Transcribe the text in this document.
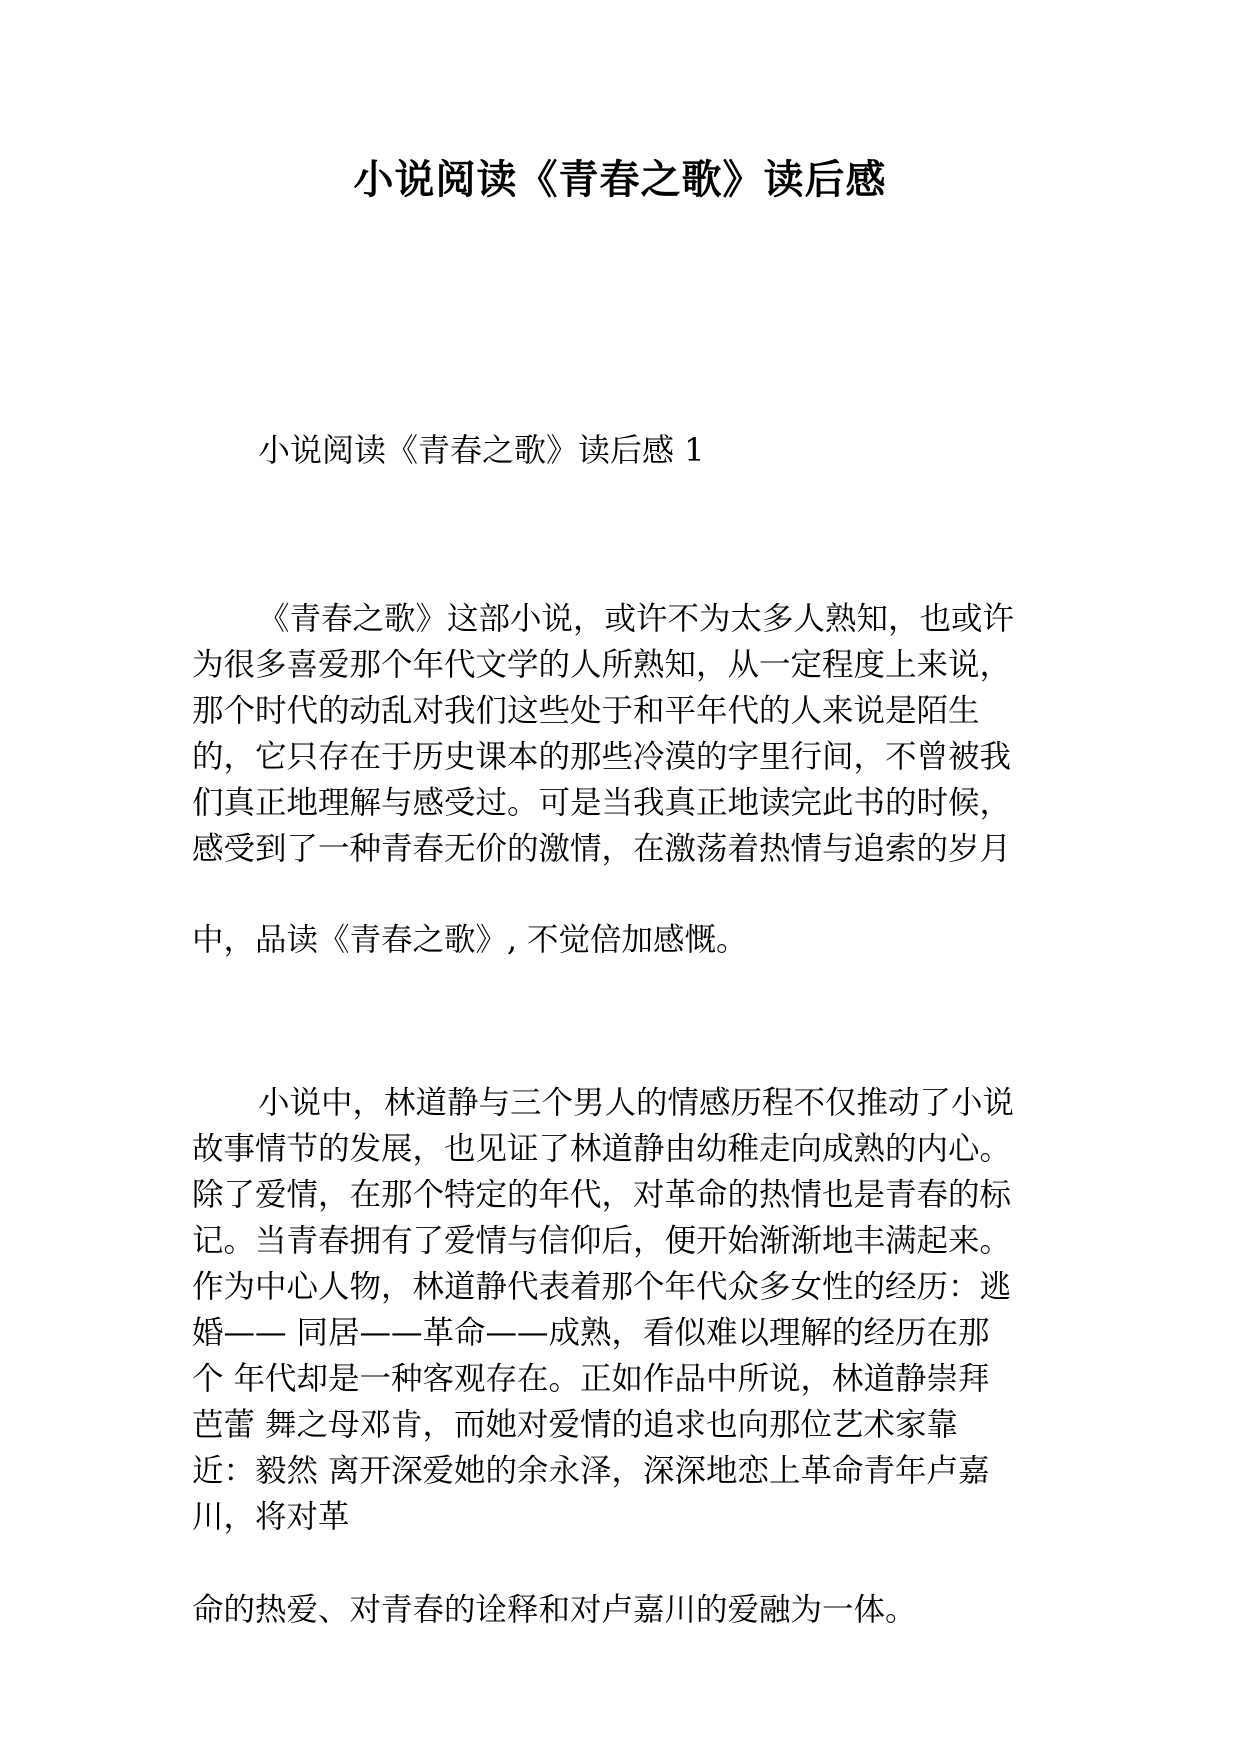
小说阅读《青春之歌》读后感
小说阅读《青春之歌》读后感 1
《青春之歌》这部小说，或许不为太多人熟知，也或许
为很多喜爱那个年代文学的人所熟知，从一定程度上来说，
那个时代的动乱对我们这些处于和平年代的人来说是陌生
的，它只存在于历史课本的那些冷漠的字里行间，不曾被我
们真正地理解与感受过。可是当我真正地读完此书的时候，
感受到了一种青春无价的激情，在激荡着热情与追索的岁月
中，品读《青春之歌》, 不觉倍加感慨。
小说中，林道静与三个男人的情感历程不仅推动了小说
故事情节的发展，也见证了林道静由幼稚走向成熟的内心。
除了爱情，在那个特定的年代，对革命的热情也是青春的标
记。当青春拥有了爱情与信仰后，便开始渐渐地丰满起来。
作为中心人物，林道静代表着那个年代众多女性的经历：逃
婚—— 同居——革命——成熟，看似难以理解的经历在那
个 年代却是一种客观存在。正如作品中所说，林道静崇拜
芭蕾 舞之母邓肯，而她对爱情的追求也向那位艺术家靠
近：毅然 离开深爱她的余永泽，深深地恋上革命青年卢嘉
川，将对革
命的热爱、对青春的诠释和对卢嘉川的爱融为一体。
